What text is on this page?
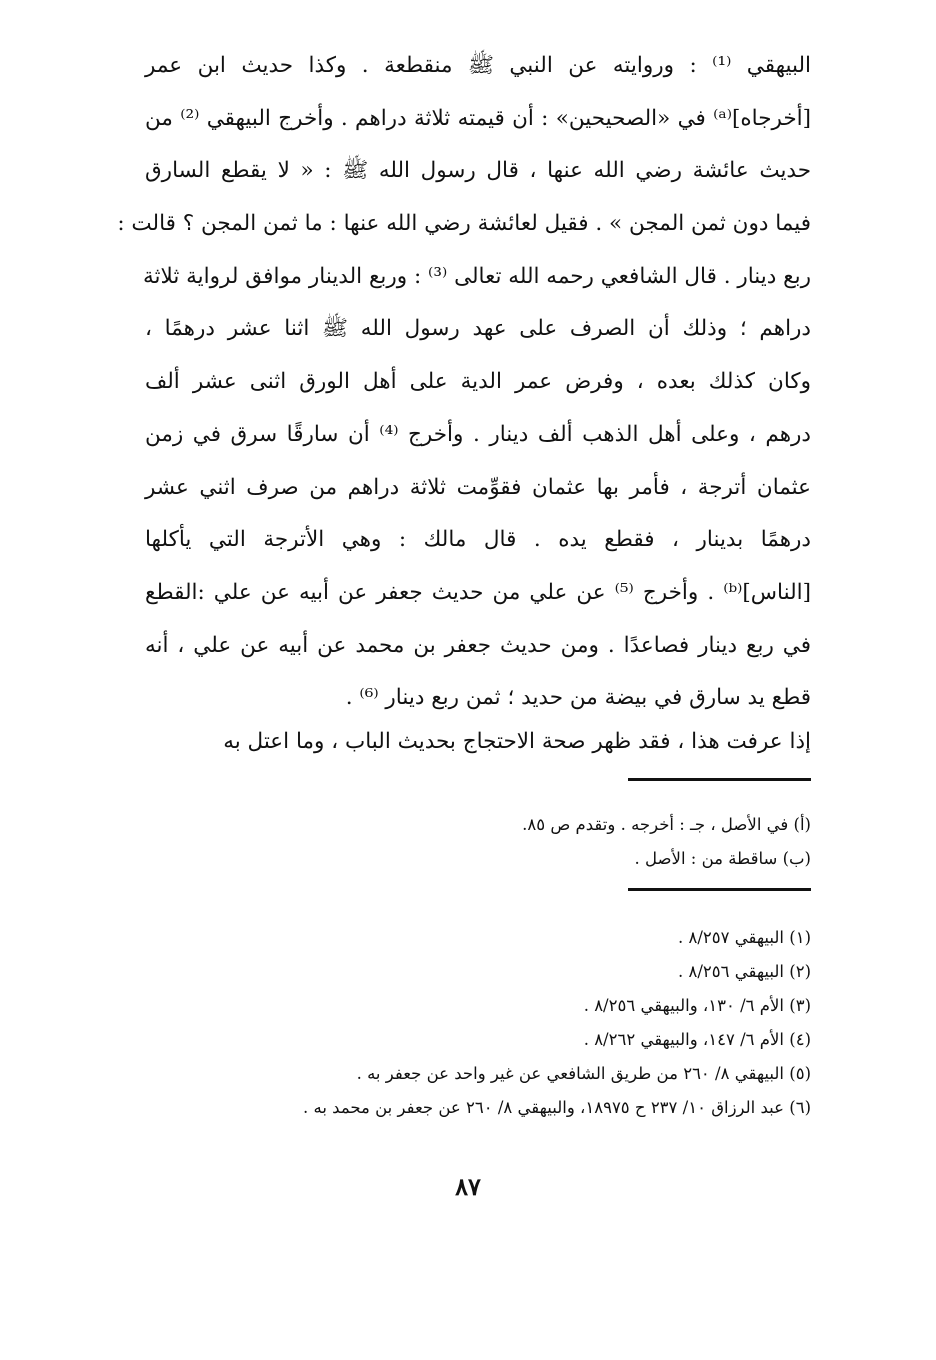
البيهقي ⁽¹⁾ : وروايته عن النبي ﷺ منقطعة . وكذا حديث ابن عمر
[أخرجاه]⁽ᵃ⁾ في «الصحيحين» : أن قيمته ثلاثة دراهم . وأخرج البيهقي ⁽²⁾ من
حديث عائشة رضي الله عنها ، قال رسول الله ﷺ : « لا يقطع السارق
فيما دون ثمن المجن » . فقيل لعائشة رضي الله عنها : ما ثمن المجن ؟ قالت :
ربع دينار . قال الشافعي رحمه الله تعالى ⁽³⁾ : وربع الدينار موافق لرواية ثلاثة
دراهم ؛ وذلك أن الصرف على عهد رسول الله ﷺ اثنا عشر درهمًا ،
وكان كذلك بعده ، وفرض عمر الدية على أهل الورق اثنى عشر ألف
درهم ، وعلى أهل الذهب ألف دينار . وأخرج ⁽⁴⁾ أن سارقًا سرق في زمن
عثمان أترجة ، فأمر بها عثمان فقوِّمت ثلاثة دراهم من صرف اثني عشر
درهمًا بدينار ، فقطع يده . قال مالك : وهي الأترجة التي يأكلها
[الناس]⁽ᵇ⁾ . وأخرج ⁽⁵⁾ عن علي من حديث جعفر عن أبيه عن علي :القطع
في ربع دينار فصاعدًا . ومن حديث جعفر بن محمد عن أبيه عن علي ، أنه
قطع يد سارق في بيضة من حديد ؛ ثمن ربع دينار ⁽⁶⁾ .
إذا عرفت هذا ، فقد ظهر صحة الاحتجاج بحديث الباب ، وما اعتل به
(أ) في الأصل ، جـ : أخرجه . وتقدم ص ٨٥.
(ب) ساقطة من : الأصل .
(١) البيهقي ٨/٢٥٧ .
(٢) البيهقي ٨/٢٥٦ .
(٣) الأم ٦/ ١٣٠، والبيهقي ٨/٢٥٦ .
(٤) الأم ٦/ ١٤٧، والبيهقي ٨/٢٦٢ .
(٥) البيهقي ٨/ ٢٦٠ من طريق الشافعي عن غير واحد عن جعفر به .
(٦) عبد الرزاق ١٠/ ٢٣٧ ح ١٨٩٧٥، والبيهقي ٨/ ٢٦٠ عن جعفر بن محمد به .
٨٧
